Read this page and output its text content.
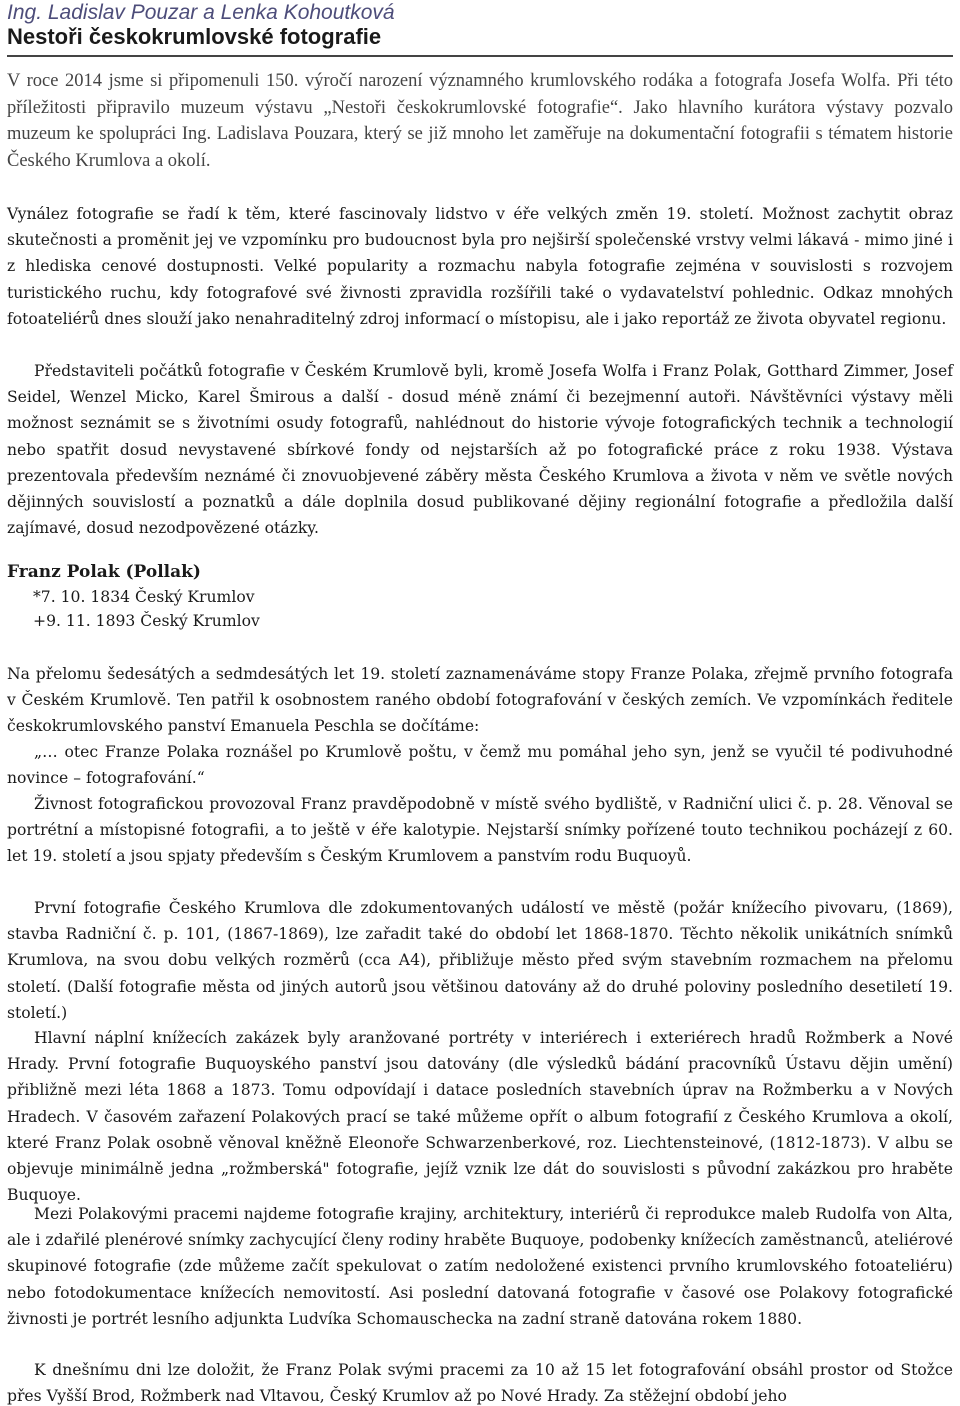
Ing. Ladislav Pouzar a Lenka Kohoutková
Nestoři českokrumlovské fotografie

V roce 2014 jsme si připomenuli 150. výročí narození významného krumlovského rodáka a fotografa Josefa Wolfa. Při této příležitosti připravilo muzeum výstavu „Nestoři českokrumlovské fotografie“. Jako hlavního kurátora výstavy pozvalo muzeum ke spolupráci Ing. Ladislava Pouzara, který se již mnoho let zaměřuje na dokumentační fotografii s tématem historie Českého Krumlova a okolí.

Vynález fotografie se řadí k těm, které fascinovaly lidstvo v éře velkých změn 19. století. Možnost zachytit obraz skutečnosti a proměnit jej ve vzpomínku pro budoucnost byla pro nejširší společenské vrstvy velmi lákavá - mimo jiné i z hlediska cenové dostupnosti. Velké popularity a rozmachu nabyla fotografie zejména v souvislosti s rozvojem turistického ruchu, kdy fotografové své živnosti zpravidla rozšířili také o vydavatelství pohlednic. Odkaz mnohých fotoateliérů dnes slouží jako nenahraditelný zdroj informací o místopisu, ale i jako reportáž ze života obyvatel regionu.

Představiteli počátků fotografie v Českém Krumlově byli, kromě Josefa Wolfa i Franz Polak, Gotthard Zimmer, Josef Seidel, Wenzel Micko, Karel Šmirous a další - dosud méně známí či bezejmenní autoři. Návštěvníci výstavy měli možnost seznámit se s životními osudy fotografů, nahlédnout do historie vývoje fotografických technik a technologií nebo spatřit dosud nevystavené sbírkové fondy od nejstarších až po fotografické práce z roku 1938. Výstava prezentovala především neznámé či znovuobjevené záběry města Českého Krumlova a života v něm ve světle nových dějinných souvislostí a poznatků a dále doplnila dosud publikované dějiny regionální fotografie a předložila další zajímavé, dosud nezodpovězené otázky.

Franz Polak (Pollak)

*7. 10. 1834 Český Krumlov

+9. 11. 1893 Český Krumlov

Na přelomu šedesátých a sedmdesátých let 19. století zaznamenáváme stopy Franze Polaka, zřejmě prvního fotografa v Českém Krumlově. Ten patřil k osobnostem raného období fotografování v českých zemích. Ve vzpomínkách ředitele českokrumlovského panství Emanuela Peschla se dočítáme:

„… otec Franze Polaka roznášel po Krumlově poštu, v čemž mu pomáhal jeho syn, jenž se vyučil té podivuhodné novince – fotografování.“

Živnost fotografickou provozoval Franz pravděpodobně v místě svého bydliště, v Radniční ulici č. p. 28. Věnoval se portrétní a místopisné fotografii, a to ještě v éře kalotypie. Nejstarší snímky pořízené touto technikou pocházejí z 60. let 19. století a jsou spjaty především s Českým Krumlovem a panstvím rodu Buquoyů.

První fotografie Českého Krumlova dle zdokumentovaných událostí ve městě (požár knížecího pivovaru, (1869), stavba Radniční č. p. 101, (1867-1869), lze zařadit také do období let 1868-1870. Těchto několik unikátních snímků Krumlova, na svou dobu velkých rozměrů (cca A4), přibližuje město před svým stavebním rozmachem na přelomu století. (Další fotografie města od jiných autorů jsou většinou datovány až do druhé poloviny posledního desetiletí 19. století.)

Hlavní náplní knížecích zakázek byly aranžované portréty v interiérech i exteriérech hradů Rožmberk a Nové Hrady. První fotografie Buquoyského panství jsou datovány (dle výsledků bádání pracovníků Ústavu dějin umění) přibližně mezi léta 1868 a 1873. Tomu odpovídají i datace posledních stavebních úprav na Rožmberku a v Nových Hradech. V časovém zařazení Polakových prací se také můžeme opřít o album fotografií z Českého Krumlova a okolí, které Franz Polak osobně věnoval kněžně Eleonoře Schwarzenberkové, roz. Liechtensteinové, (1812-1873). V albu se objevuje minimálně jedna „rožmberská" fotografie, jejíž vznik lze dát do souvislosti s původní zakázkou pro hraběte Buquoye.

Mezi Polakovými pracemi najdeme fotografie krajiny, architektury, interiérů či reprodukce maleb Rudolfa von Alta, ale i zdařilé plenérové snímky zachycující členy rodiny hraběte Buquoye, podobenky knížecích zaměstnanců, ateliérové skupinové fotografie (zde můžeme začít spekulovat o zatím nedoložené existenci prvního krumlovského fotoateliéru) nebo fotodokumentace knížecích nemovitostí. Asi poslední datovaná fotografie v časové ose Polakovy fotografické živnosti je portrét lesního adjunkta Ludvíka Schomauschecka na zadní straně datována rokem 1880.

K dnešnímu dni lze doložit, že Franz Polak svými pracemi za 10 až 15 let fotografování obsáhl prostor od Stožce přes Vyšší Brod, Rožmberk nad Vltavou, Český Krumlov až po Nové Hrady. Za stěžejní období jeho
